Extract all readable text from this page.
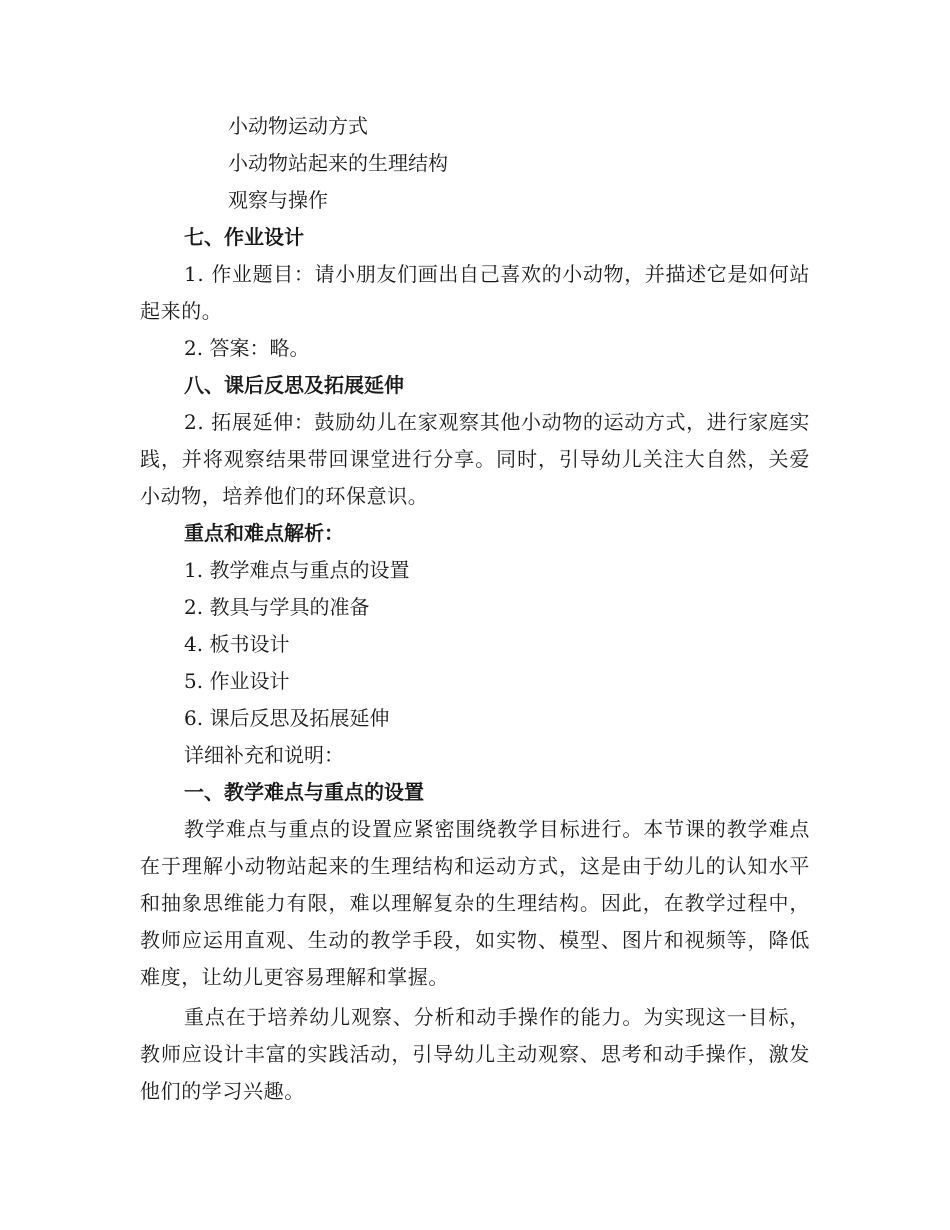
小动物运动方式

小动物站起来的生理结构

观察与操作

七、作业设计

1. 作业题目：请小朋友们画出自己喜欢的小动物，并描述它是如何站起来的。

2. 答案：略。

八、课后反思及拓展延伸

2. 拓展延伸：鼓励幼儿在家观察其他小动物的运动方式，进行家庭实践，并将观察结果带回课堂进行分享。同时，引导幼儿关注大自然，关爱小动物，培养他们的环保意识。

重点和难点解析：

1. 教学难点与重点的设置

2. 教具与学具的准备

4. 板书设计

5. 作业设计

6. 课后反思及拓展延伸

详细补充和说明：

一、教学难点与重点的设置

教学难点与重点的设置应紧密围绕教学目标进行。本节课的教学难点在于理解小动物站起来的生理结构和运动方式，这是由于幼儿的认知水平和抽象思维能力有限，难以理解复杂的生理结构。因此，在教学过程中，教师应运用直观、生动的教学手段，如实物、模型、图片和视频等，降低难度，让幼儿更容易理解和掌握。

重点在于培养幼儿观察、分析和动手操作的能力。为实现这一目标，教师应设计丰富的实践活动，引导幼儿主动观察、思考和动手操作，激发他们的学习兴趣。
